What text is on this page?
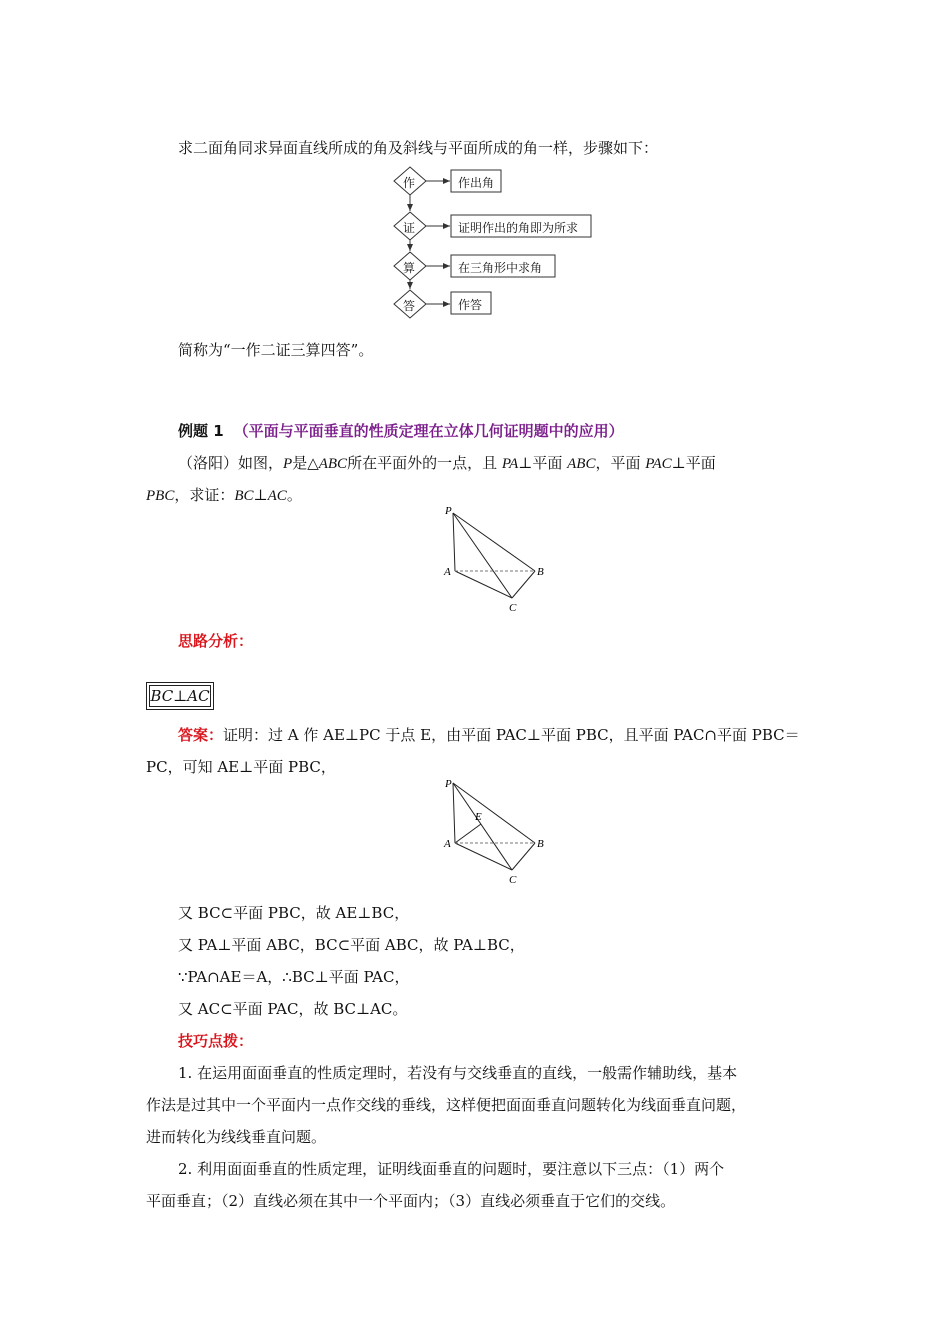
求二面角同求异面直线所成的角及斜线与平面所成的角一样，步骤如下：
作
证
算
答
作出角
证明作出的角即为所求
在三角形中求角
作答
简称为“一作二证三算四答”。
例题 1 （平面与平面垂直的性质定理在立体几何证明题中的应用）
（洛阳）如图，P是△ABC所在平面外的一点，且 PA⊥平面 ABC，平面 PAC⊥平面
PBC，求证：BC⊥AC。
P
A	B
C
思路分析：
BC⊥AC
答案：证明：过 A 作 AE⊥PC 于点 E，由平面 PAC⊥平面 PBC，且平面 PAC∩平面 PBC＝
PC，可知 AE⊥平面 PBC，
P
A	B
C
E
又 BC⊂平面 PBC，故 AE⊥BC，
又 PA⊥平面 ABC，BC⊂平面 ABC，故 PA⊥BC，
∵PA∩AE＝A，∴BC⊥平面 PAC，
又 AC⊂平面 PAC，故 BC⊥AC。
技巧点拨：
1. 在运用面面垂直的性质定理时，若没有与交线垂直的直线，一般需作辅助线，基本
作法是过其中一个平面内一点作交线的垂线，这样便把面面垂直问题转化为线面垂直问题，
进而转化为线线垂直问题。
2. 利用面面垂直的性质定理，证明线面垂直的问题时，要注意以下三点：（1）两个
平面垂直；（2）直线必须在其中一个平面内；（3）直线必须垂直于它们的交线。
